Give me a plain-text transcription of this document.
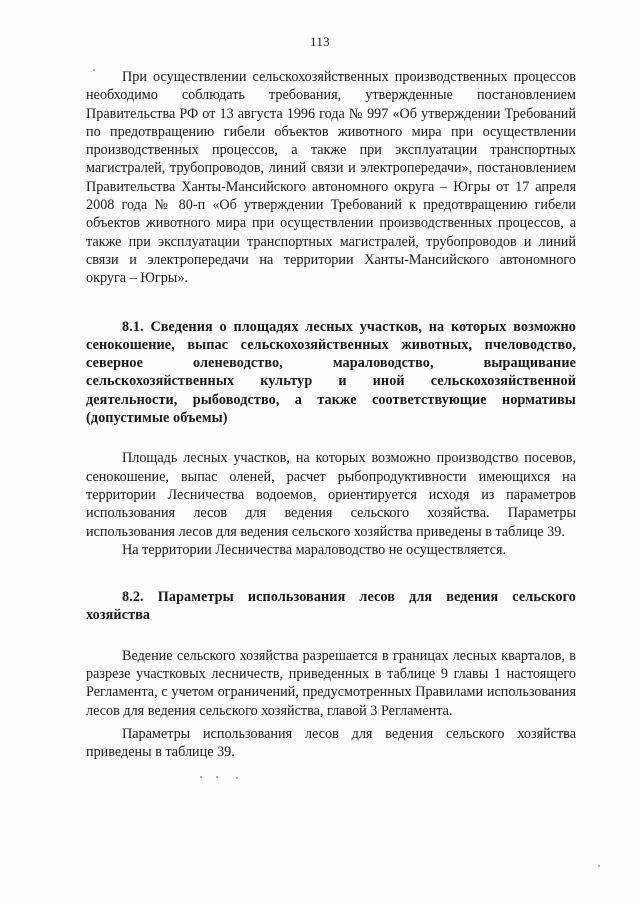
113

При осуществлении сельскохозяйственных производственных процессов необходимо соблюдать требования, утвержденные постановлением Правительства РФ от 13 августа 1996 года № 997 «Об утверждении Требований по предотвращению гибели объектов животного мира при осуществлении производственных процессов, а также при эксплуатации транспортных магистралей, трубопроводов, линий связи и электропередачи», постановлением Правительства Ханты-Мансийского автономного округа – Югры от 17 апреля 2008 года № 80-п «Об утверждении Требований к предотвращению гибели объектов животного мира при осуществлении производственных процессов, а также при эксплуатации транспортных магистралей, трубопроводов и линий связи и электропередачи на территории Ханты-Мансийского автономного округа – Югры».

8.1. Сведения о площадях лесных участков, на которых возможно сенокошение, выпас сельскохозяйственных животных, пчеловодство, северное оленеводство, мараловодство, выращивание сельскохозяйственных культур и иной сельскохозяйственной деятельности, рыбоводство, а также соответствующие нормативы (допустимые объемы)

Площадь лесных участков, на которых возможно производство посевов, сенокошение, выпас оленей, расчет рыбопродуктивности имеющихся на территории Лесничества водоемов, ориентируется исходя из параметров использования лесов для ведения сельского хозяйства. Параметры использования лесов для ведения сельского хозяйства приведены в таблице 39.

На территории Лесничества мараловодство не осуществляется.

8.2. Параметры использования лесов для ведения сельского хозяйства

Ведение сельского хозяйства разрешается в границах лесных кварталов, в разрезе участковых лесничеств, приведенных в таблице 9 главы 1 настоящего Регламента, с учетом ограничений, предусмотренных Правилами использования лесов для ведения сельского хозяйства, главой 3 Регламента.

Параметры использования лесов для ведения сельского хозяйства приведены в таблице 39.
